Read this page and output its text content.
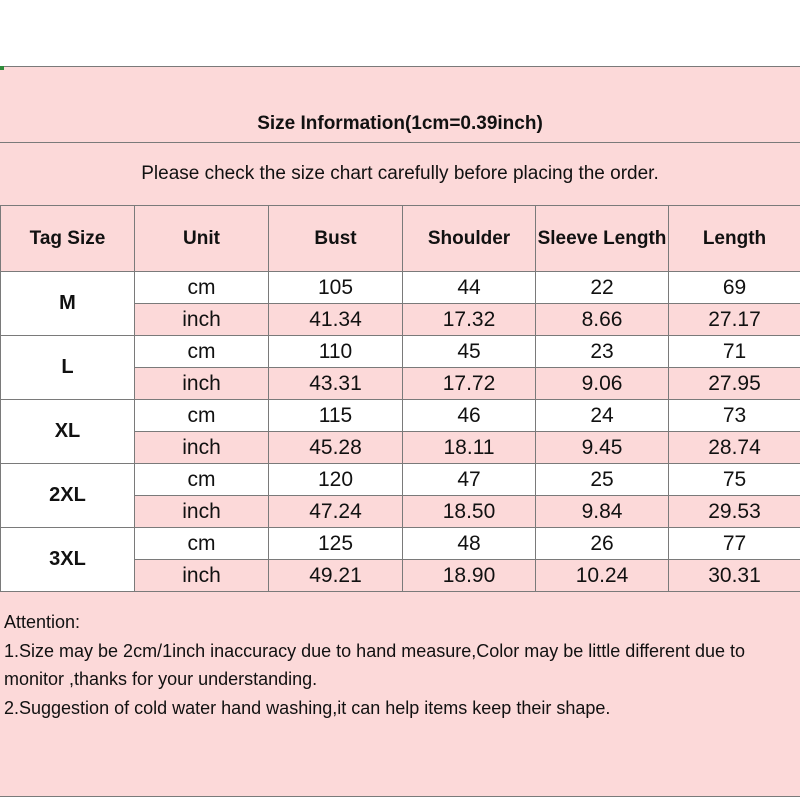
Size Information(1cm=0.39inch)
Please check the size chart carefully before placing the order.
Tag Size	Unit	Bust	Shoulder	Sleeve Length	Length
M	cm	105	44	22	69
	inch	41.34	17.32	8.66	27.17
L	cm	110	45	23	71
	inch	43.31	17.72	9.06	27.95
XL	cm	115	46	24	73
	inch	45.28	18.11	9.45	28.74
2XL	cm	120	47	25	75
	inch	47.24	18.50	9.84	29.53
3XL	cm	125	48	26	77
	inch	49.21	18.90	10.24	30.31
Attention:
1.Size may be 2cm/1inch inaccuracy due to hand measure,Color may be little different due to
monitor ,thanks for your understanding.
2.Suggestion of cold water hand washing,it can help items keep their shape.
